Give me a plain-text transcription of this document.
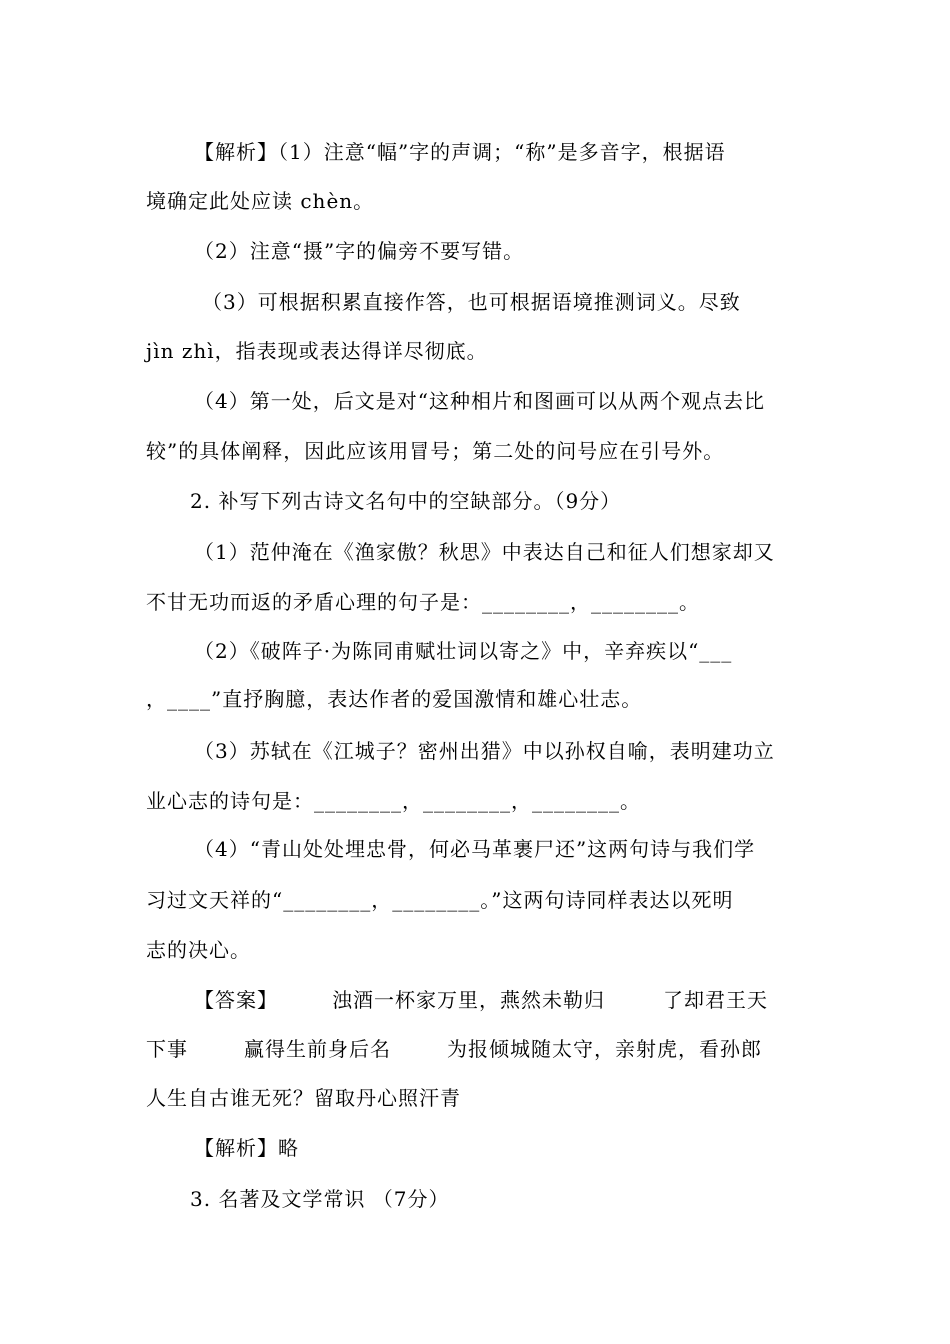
【解析】（1）注意“幅”字的声调；“称”是多音字，根据语
境确定此处应读 chèn。
（2）注意“摄”字的偏旁不要写错。
（3）可根据积累直接作答，也可根据语境推测词义。尽致
jìn zhì，指表现或表达得详尽彻底。
（4）第一处，后文是对“这种相片和图画可以从两个观点去比
较”的具体阐释，因此应该用冒号；第二处的问号应在引号外。
2. 补写下列古诗文名句中的空缺部分。（9分）
（1）范仲淹在《渔家傲？秋思》中表达自己和征人们想家却又
不甘无功而返的矛盾心理的句子是：________，________。
（2）《破阵子·为陈同甫赋壮词以寄之》中，辛弃疾以“___
，____”直抒胸臆，表达作者的爱国激情和雄心壮志。
（3）苏轼在《江城子？密州出猎》中以孙权自喻，表明建功立
业心志的诗句是：________，________，________。
（4）“青山处处埋忠骨，何必马革裹尸还”这两句诗与我们学
习过文天祥的“________，________。”这两句诗同样表达以死明
志的决心。
【答案】	浊酒一杯家万里，燕然未勒归	了却君王天
下事	赢得生前身后名	为报倾城随太守，亲射虎，看孙郎
人生自古谁无死？留取丹心照汗青
【解析】略
3. 名著及文学常识 （7分）
